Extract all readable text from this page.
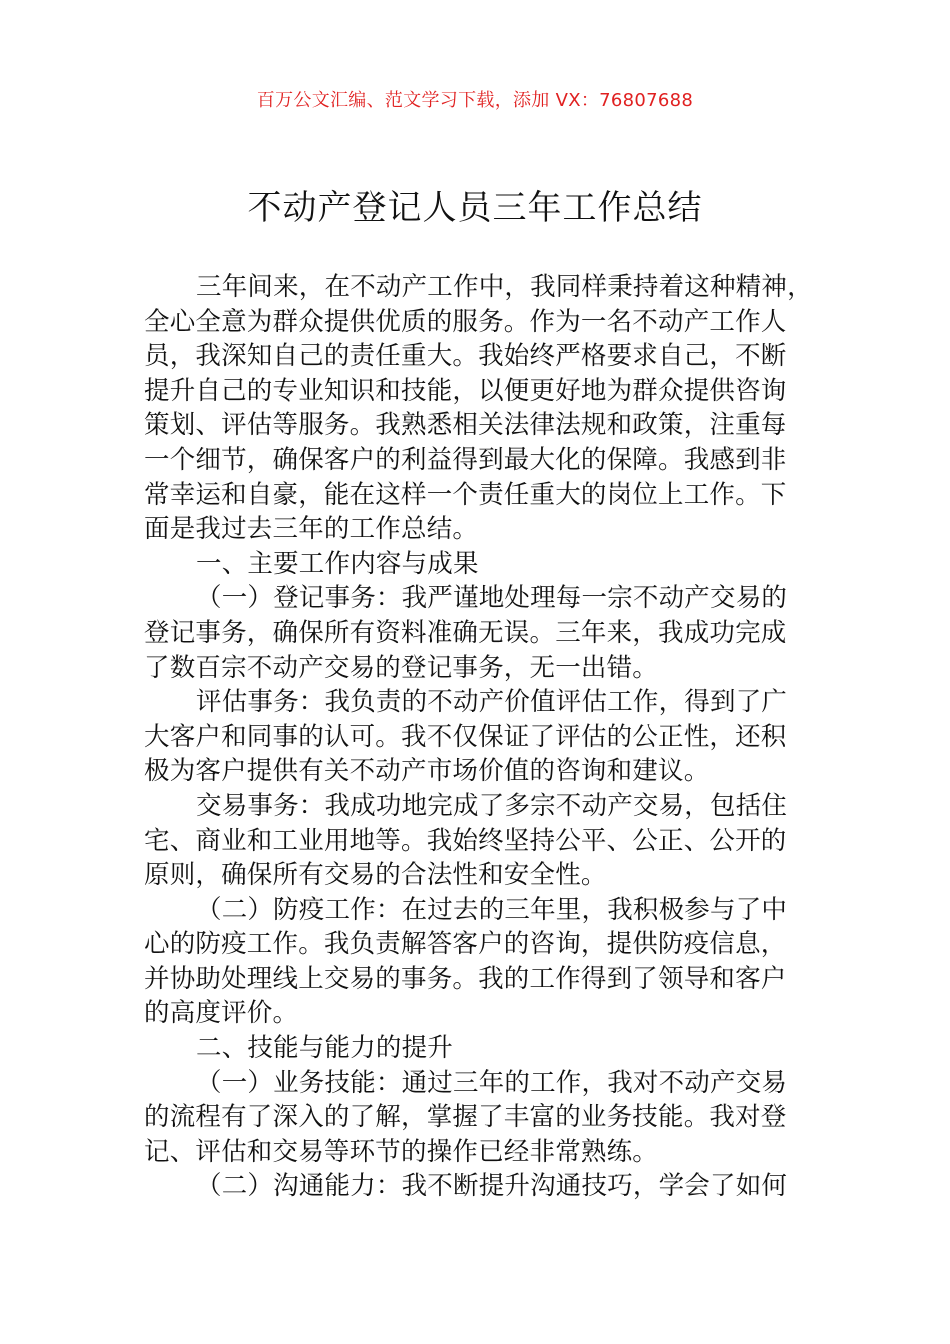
百万公文汇编、范文学习下载，添加 VX：76807688
不动产登记人员三年工作总结
三年间来，在不动产工作中，我同样秉持着这种精神，
全心全意为群众提供优质的服务。作为一名不动产工作人
员，我深知自己的责任重大。我始终严格要求自己，不断
提升自己的专业知识和技能，以便更好地为群众提供咨询
策划、评估等服务。我熟悉相关法律法规和政策，注重每
一个细节，确保客户的利益得到最大化的保障。我感到非
常幸运和自豪，能在这样一个责任重大的岗位上工作。下
面是我过去三年的工作总结。
一、主要工作内容与成果
（一）登记事务：我严谨地处理每一宗不动产交易的
登记事务，确保所有资料准确无误。三年来，我成功完成
了数百宗不动产交易的登记事务，无一出错。
评估事务：我负责的不动产价值评估工作，得到了广
大客户和同事的认可。我不仅保证了评估的公正性，还积
极为客户提供有关不动产市场价值的咨询和建议。
交易事务：我成功地完成了多宗不动产交易，包括住
宅、商业和工业用地等。我始终坚持公平、公正、公开的
原则，确保所有交易的合法性和安全性。
（二）防疫工作：在过去的三年里，我积极参与了中
心的防疫工作。我负责解答客户的咨询，提供防疫信息，
并协助处理线上交易的事务。我的工作得到了领导和客户
的高度评价。
二、技能与能力的提升
（一）业务技能：通过三年的工作，我对不动产交易
的流程有了深入的了解，掌握了丰富的业务技能。我对登
记、评估和交易等环节的操作已经非常熟练。
（二）沟通能力：我不断提升沟通技巧，学会了如何
